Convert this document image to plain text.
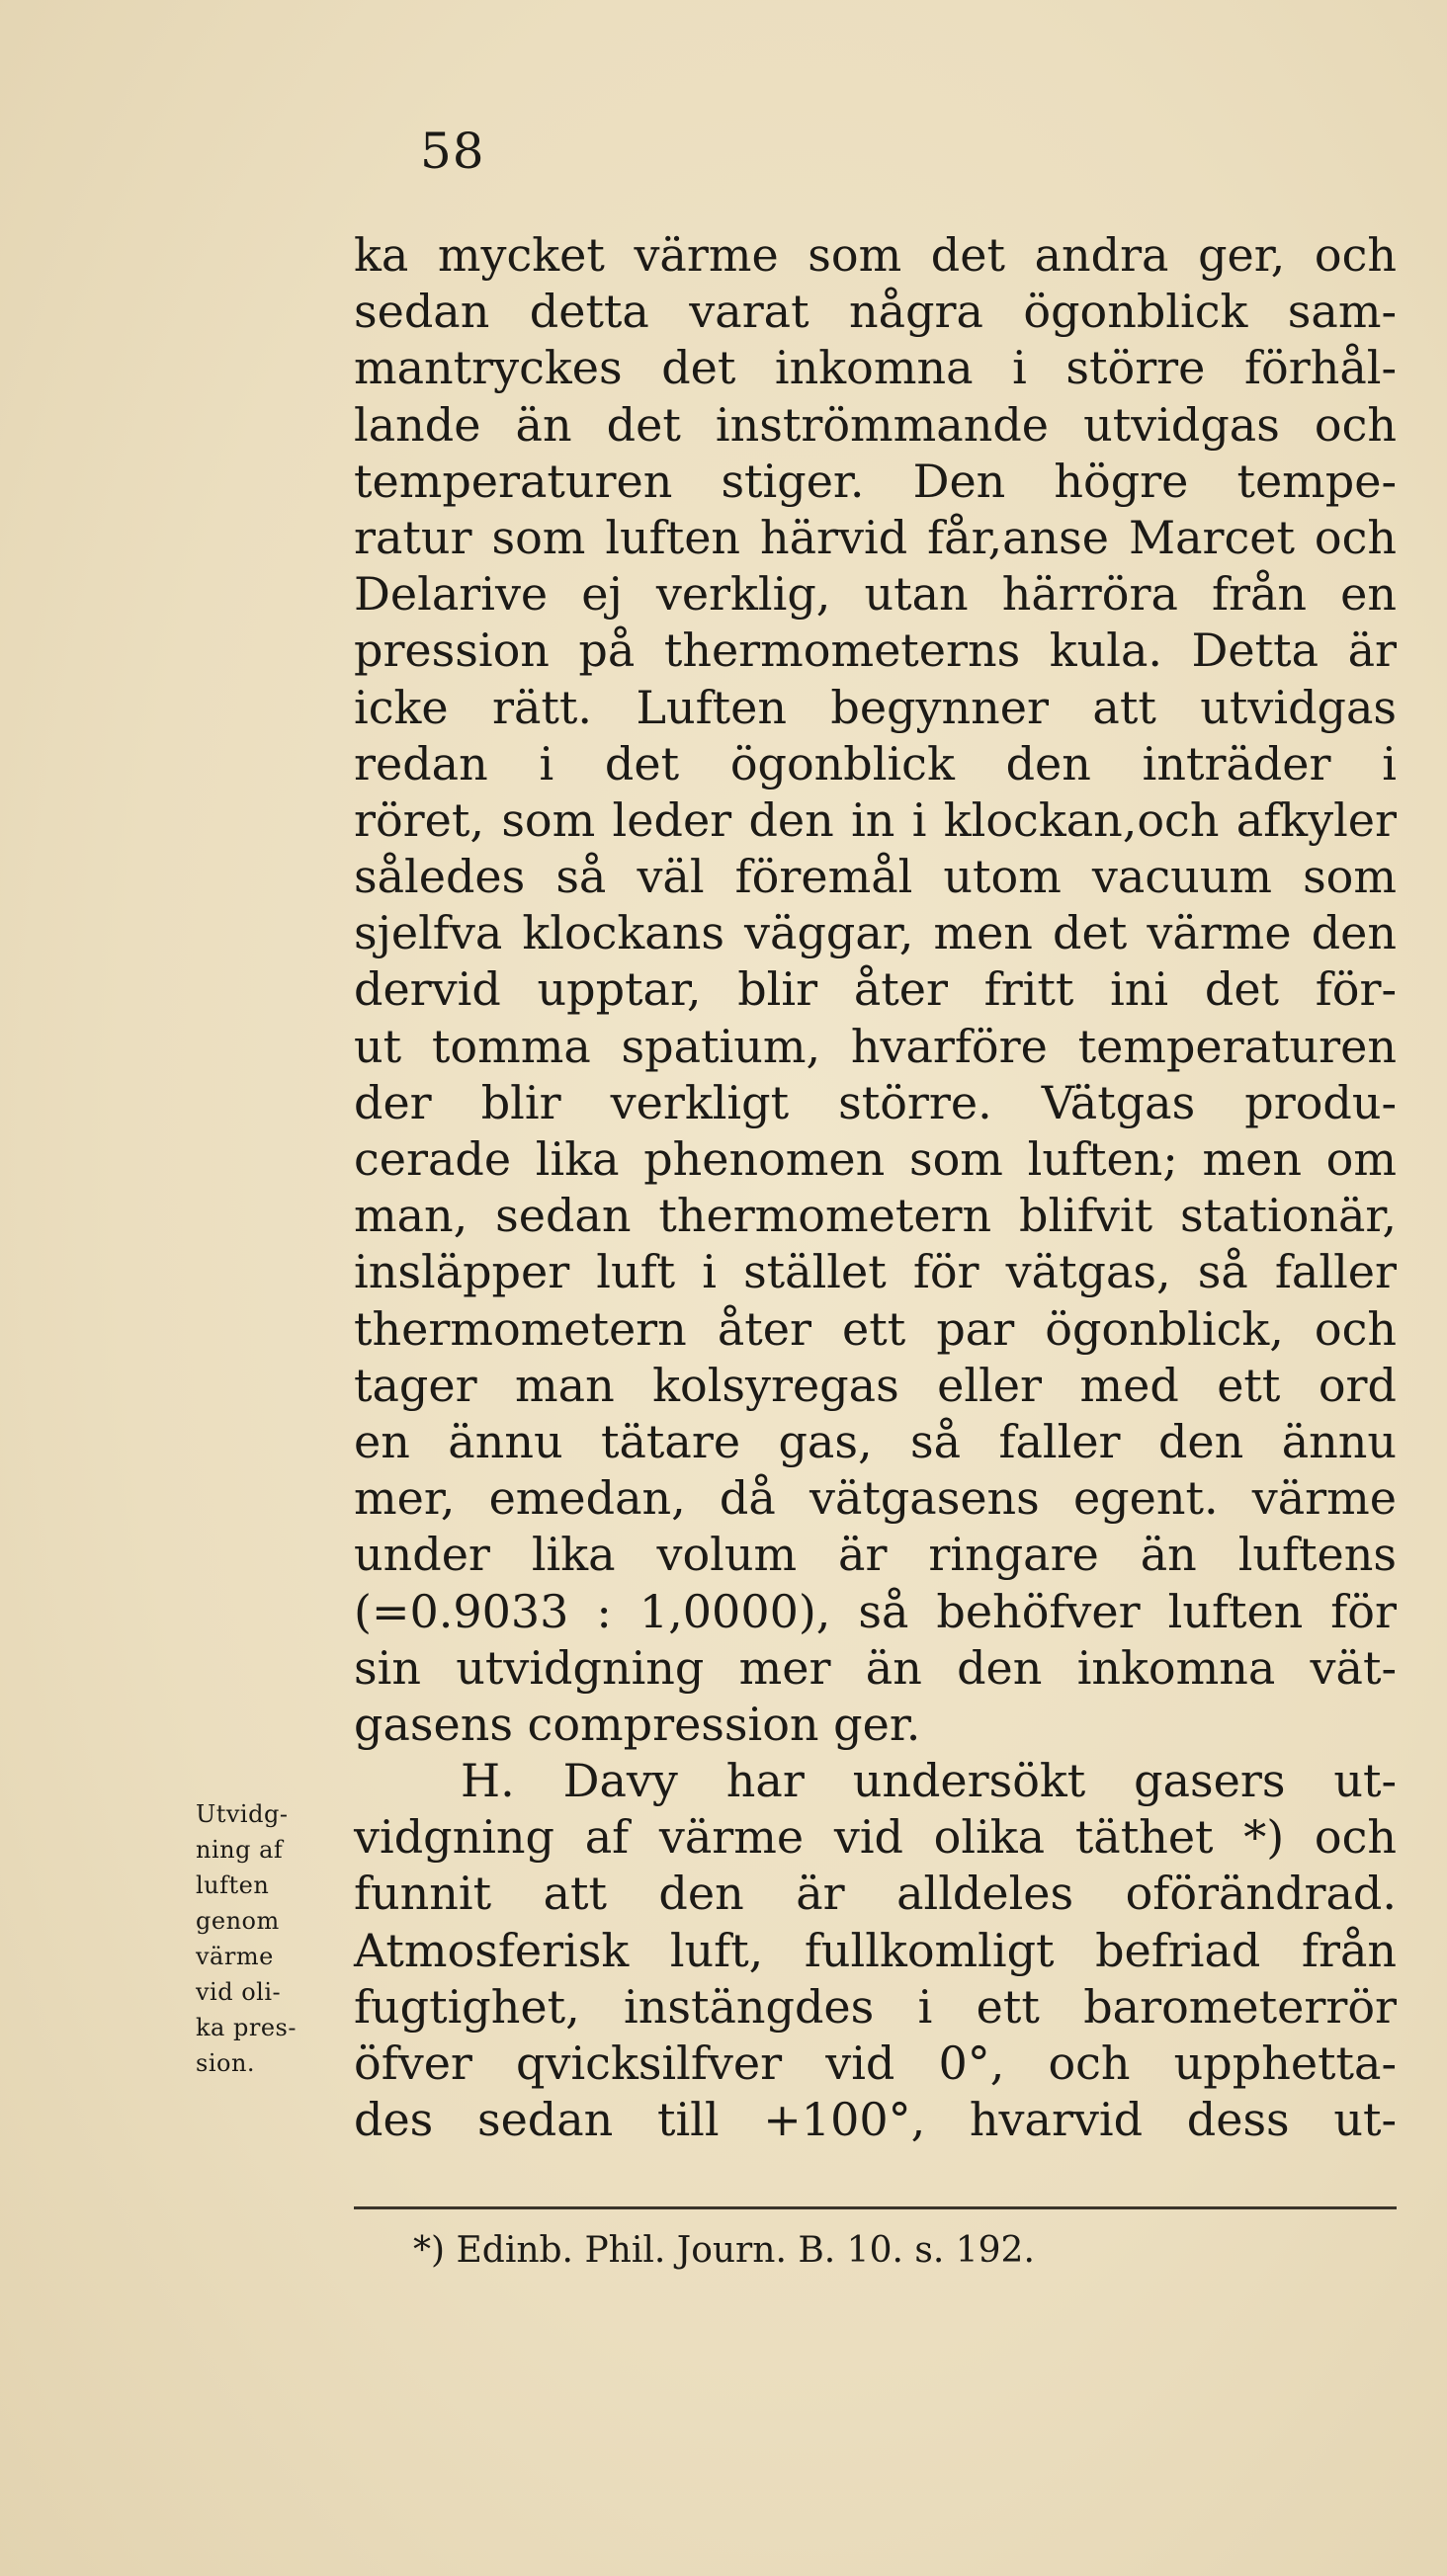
58
ka mycket värme som det andra ger, och
sedan detta varat några ögonblick sam-
mantryckes det inkomna i större förhål-
lande än det inströmmande utvidgas och
temperaturen stiger. Den högre tempe-
ratur som luften härvid får,anse Marcet och
Delarive ej verklig, utan härröra från en
pression på thermometerns kula. Detta är
icke rätt. Luften begynner att utvidgas
redan i det ögonblick den inträder i
röret, som leder den in i klockan,och afkyler
således så väl föremål utom vacuum som
sjelfva klockans väggar, men det värme den
dervid upptar, blir åter fritt ini det för-
ut tomma spatium, hvarföre temperaturen
der blir verkligt större. Vätgas produ-
cerade lika phenomen som luften; men om
man, sedan thermometern blifvit stationär,
insläpper luft i stället för vätgas, så faller
thermometern åter ett par ögonblick, och
tager man kolsyregas eller med ett ord
en ännu tätare gas, så faller den ännu
mer, emedan, då vätgasens egent. värme
under lika volum är ringare än luftens
(=0.9033 : 1,0000), så behöfver luften för
sin utvidgning mer än den inkomna vät-
gasens compression ger.
H. Davy har undersökt gasers ut-
vidgning af värme vid olika täthet *) och
funnit att den är alldeles oförändrad.
Atmosferisk luft, fullkomligt befriad från
fugtighet, instängdes i ett barometerrör
öfver qvicksilfver vid 0°, och upphetta-
des sedan till +100°, hvarvid dess ut-
Utvidg-
ning af
luften
genom
värme
vid oli-
ka pres-
sion.
*) Edinb. Phil. Journ. B. 10. s. 192.
